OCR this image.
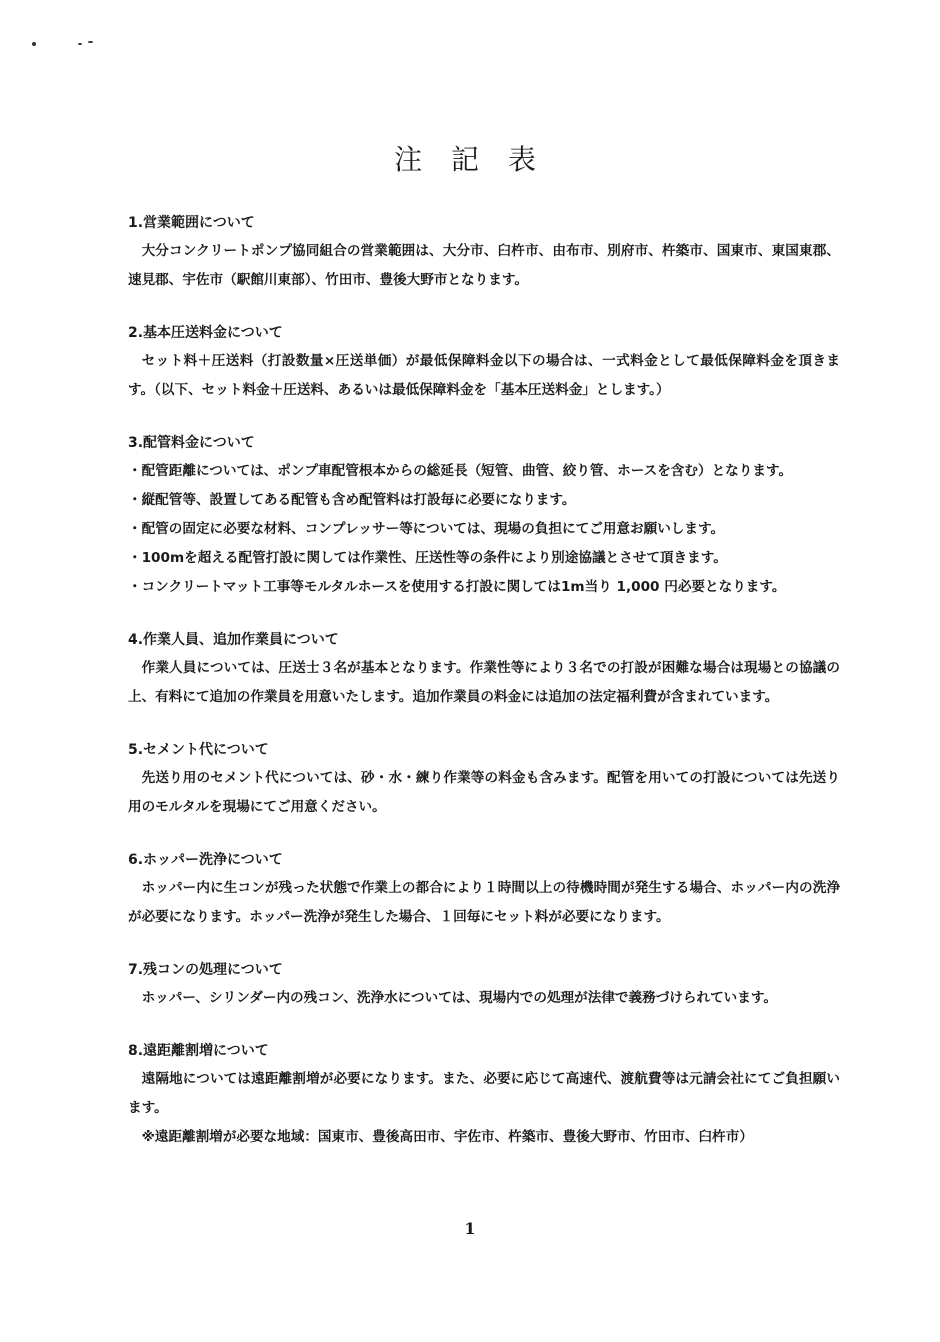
注 記 表

1.営業範囲について

大分コンクリートポンプ協同組合の営業範囲は、大分市、臼杵市、由布市、別府市、杵築市、国東市、東国東郡、速見郡、宇佐市（駅館川東部）、竹田市、豊後大野市となります。

2.基本圧送料金について

セット料＋圧送料（打設数量×圧送単価）が最低保障料金以下の場合は、一式料金として最低保障料金を頂きます。（以下、セット料金＋圧送料、あるいは最低保障料金を「基本圧送料金」とします。）

3.配管料金について

・配管距離については、ポンプ車配管根本からの総延長（短管、曲管、絞り管、ホースを含む）となります。

・縦配管等、設置してある配管も含め配管料は打設毎に必要になります。

・配管の固定に必要な材料、コンプレッサー等については、現場の負担にてご用意お願いします。

・100mを超える配管打設に関しては作業性、圧送性等の条件により別途協議とさせて頂きます。

・コンクリートマット工事等モルタルホースを使用する打設に関しては1m当り 1,000 円必要となります。

4.作業人員、追加作業員について

作業人員については、圧送士３名が基本となります。作業性等により３名での打設が困難な場合は現場との協議の上、有料にて追加の作業員を用意いたします。追加作業員の料金には追加の法定福利費が含まれています。

5.セメント代について

先送り用のセメント代については、砂・水・練り作業等の料金も含みます。配管を用いての打設については先送り用のモルタルを現場にてご用意ください。

6.ホッパー洗浄について

ホッパー内に生コンが残った状態で作業上の都合により１時間以上の待機時間が発生する場合、ホッパー内の洗浄が必要になります。ホッパー洗浄が発生した場合、１回毎にセット料が必要になります。

7.残コンの処理について

ホッパー、シリンダー内の残コン、洗浄水については、現場内での処理が法律で義務づけられています。

8.遠距離割増について

遠隔地については遠距離割増が必要になります。また、必要に応じて高速代、渡航費等は元請会社にてご負担願います。

※遠距離割増が必要な地域：国東市、豊後高田市、宇佐市、杵築市、豊後大野市、竹田市、臼杵市）

1
